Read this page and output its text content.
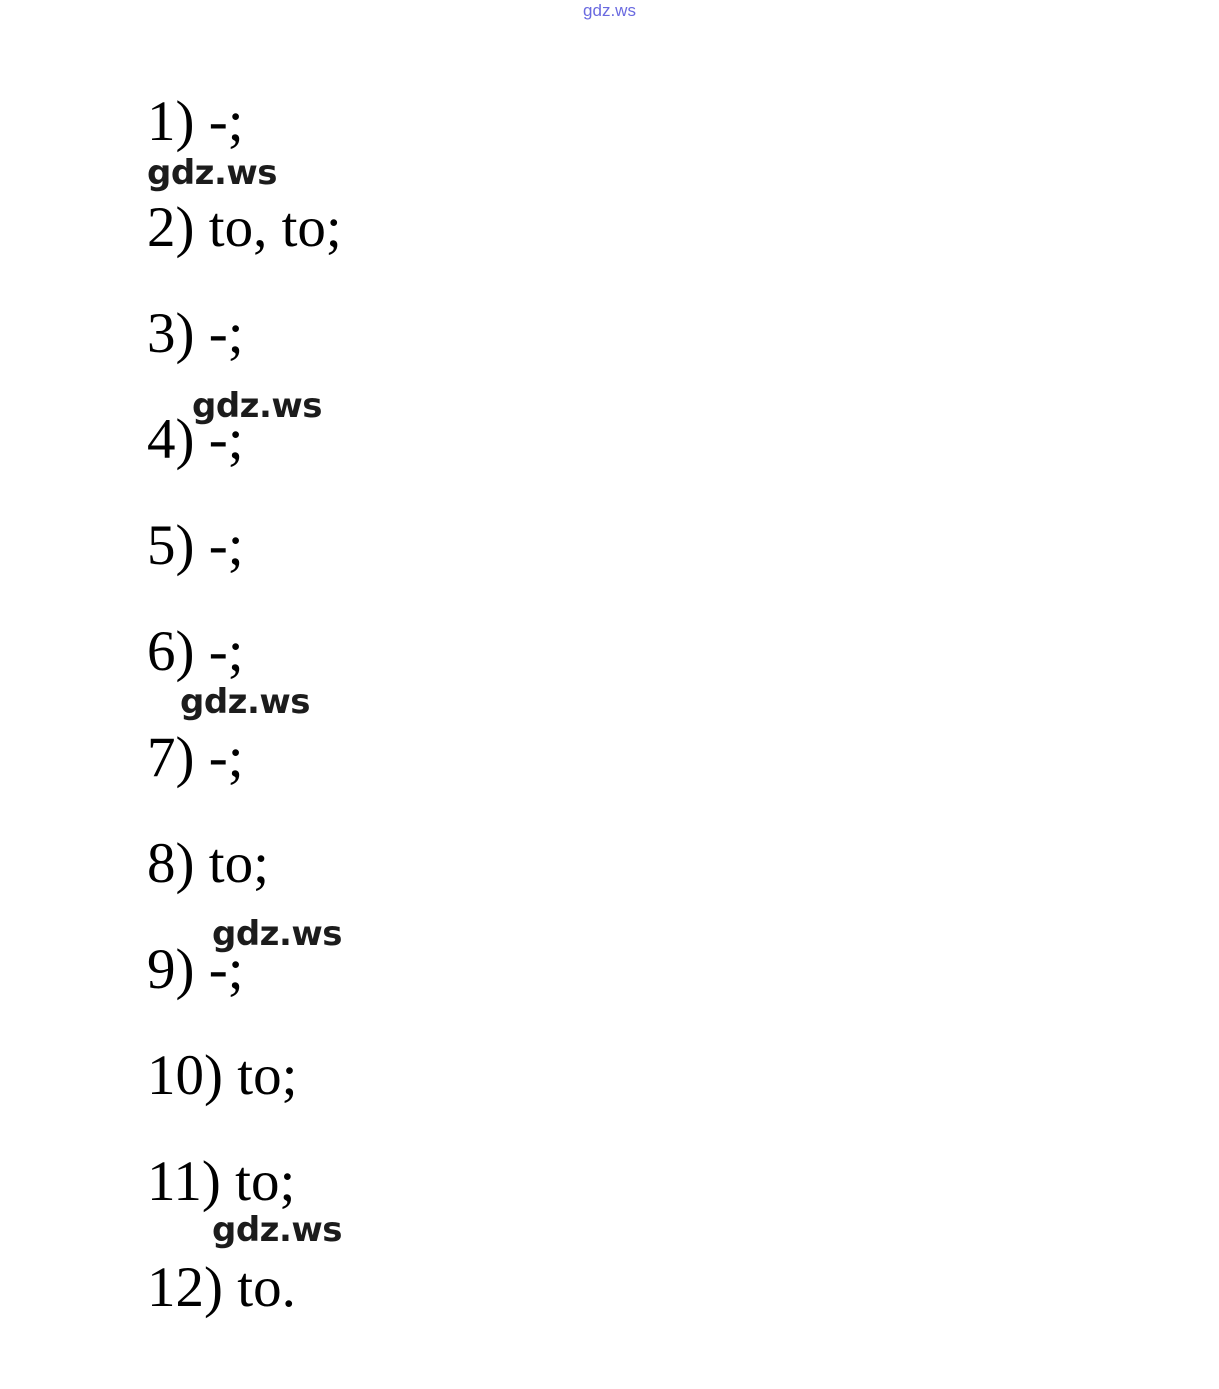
gdz.ws
1) -;
2) to, to;
3) -;
4) -;
5) -;
6) -;
7) -;
8) to;
9) -;
10) to;
11) to;
12) to.
gdz.ws
gdz.ws
gdz.ws
gdz.ws
gdz.ws
